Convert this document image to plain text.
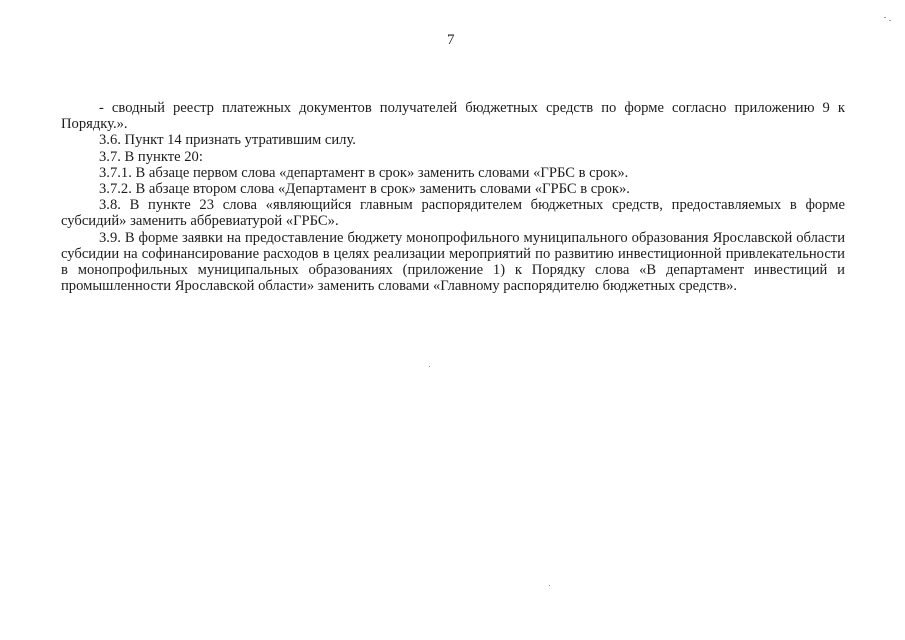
7

- сводный реестр платежных документов получателей бюджетных средств по форме согласно приложению 9 к Порядку.».

3.6. Пункт 14 признать утратившим силу.

3.7. В пункте 20:

3.7.1. В абзаце первом слова «департамент в срок» заменить словами «ГРБС в срок».

3.7.2. В абзаце втором слова «Департамент в срок» заменить словами «ГРБС в срок».

3.8. В пункте 23 слова «являющийся главным распорядителем бюджетных средств, предоставляемых в форме субсидий» заменить аббревиатурой «ГРБС».

3.9. В форме заявки на предоставление бюджету монопрофильного муниципального образования Ярославской области субсидии на софинансирование расходов в целях реализации мероприятий по развитию инвестиционной привлекательности в монопрофильных муниципальных образованиях (приложение 1) к Порядку слова «В департамент инвестиций и промышленности Ярославской области» заменить словами «Главному распорядителю бюджетных средств».
